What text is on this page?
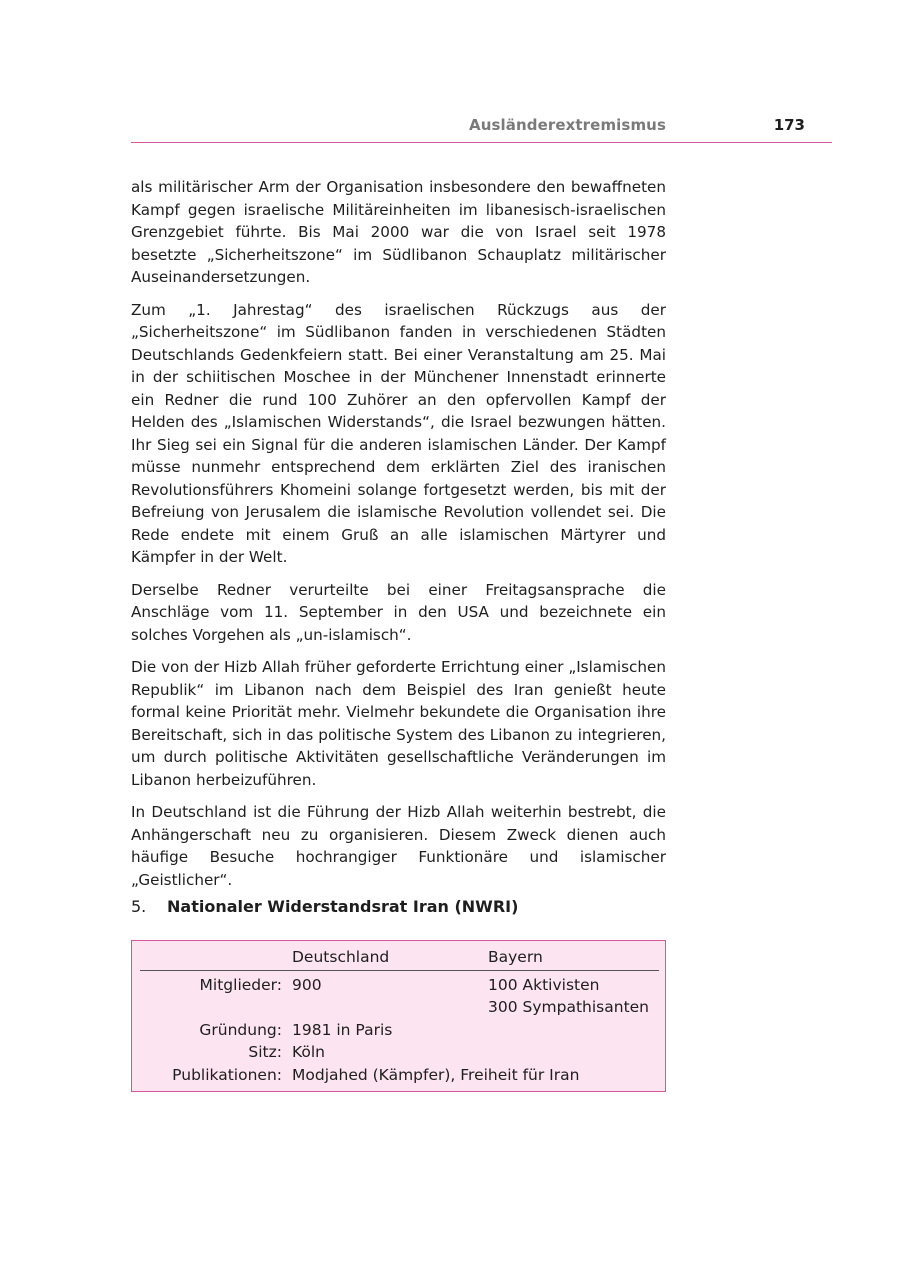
Ausländerextremismus	173

als militärischer Arm der Organisation insbesondere den bewaffneten Kampf gegen israelische Militäreinheiten im libanesisch-israelischen Grenzgebiet führte. Bis Mai 2000 war die von Israel seit 1978 besetzte „Sicherheitszone“ im Südlibanon Schauplatz militärischer Auseinandersetzungen.

Zum „1. Jahrestag“ des israelischen Rückzugs aus der „Sicherheitszone“ im Südlibanon fanden in verschiedenen Städten Deutschlands Gedenkfeiern statt. Bei einer Veranstaltung am 25. Mai in der schiitischen Moschee in der Münchener Innenstadt erinnerte ein Redner die rund 100 Zuhörer an den opfervollen Kampf der Helden des „Islamischen Widerstands“, die Israel bezwungen hätten. Ihr Sieg sei ein Signal für die anderen islamischen Länder. Der Kampf müsse nunmehr entsprechend dem erklärten Ziel des iranischen Revolutionsführers Khomeini solange fortgesetzt werden, bis mit der Befreiung von Jerusalem die islamische Revolution vollendet sei. Die Rede endete mit einem Gruß an alle islamischen Märtyrer und Kämpfer in der Welt.

Derselbe Redner verurteilte bei einer Freitagsansprache die Anschläge vom 11. September in den USA und bezeichnete ein solches Vorgehen als „un-islamisch“.

Die von der Hizb Allah früher geforderte Errichtung einer „Islamischen Republik“ im Libanon nach dem Beispiel des Iran genießt heute formal keine Priorität mehr. Vielmehr bekundete die Organisation ihre Bereitschaft, sich in das politische System des Libanon zu integrieren, um durch politische Aktivitäten gesellschaftliche Veränderungen im Libanon herbeizuführen.

In Deutschland ist die Führung der Hizb Allah weiterhin bestrebt, die Anhängerschaft neu zu organisieren. Diesem Zweck dienen auch häufige Besuche hochrangiger Funktionäre und islamischer „Geistlicher“.

5. Nationaler Widerstandsrat Iran (NWRI)
	Deutschland	Bayern
Mitglieder:	900	100 Aktivisten
300 Sympathisanten

Gründung:	1981 in Paris	
Sitz:	Köln	
Publikationen:	Modjahed (Kämpfer), Freiheit für Iran	
